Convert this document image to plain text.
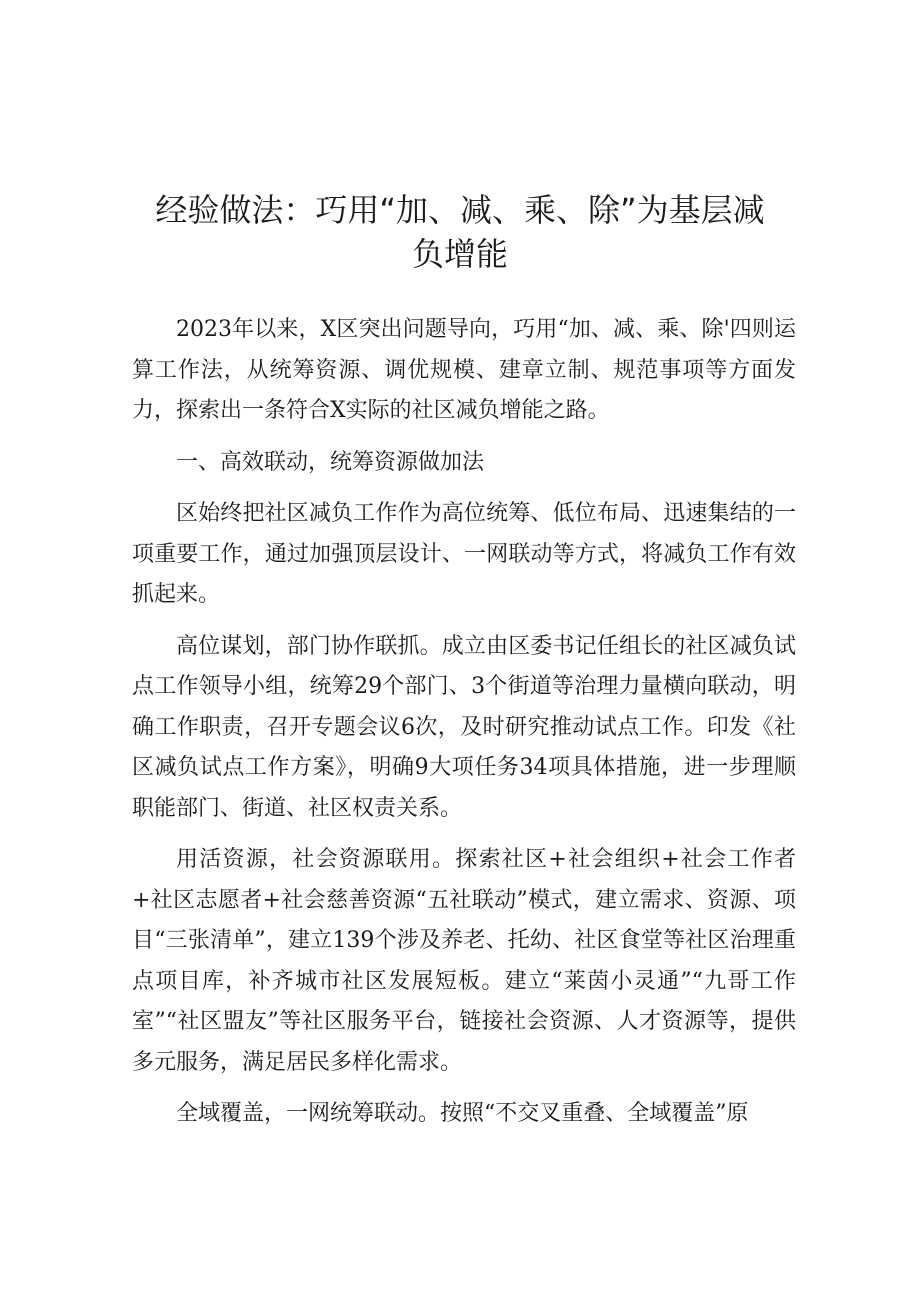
经验做法：巧用“加、减、乘、除”为基层减
负增能

2023年以来，X区突出问题导向，巧用“加、减、乘、除'四则运算工作法，从统筹资源、调优规模、建章立制、规范事项等方面发力，探索出一条符合X实际的社区减负增能之路。

一、高效联动，统筹资源做加法

区始终把社区减负工作作为高位统筹、低位布局、迅速集结的一项重要工作，通过加强顶层设计、一网联动等方式，将减负工作有效抓起来。

高位谋划，部门协作联抓。成立由区委书记任组长的社区减负试点工作领导小组，统筹29个部门、3个街道等治理力量横向联动，明确工作职责，召开专题会议6次，及时研究推动试点工作。印发《社区减负试点工作方案》，明确9大项任务34项具体措施，进一步理顺职能部门、街道、社区权责关系。

用活资源，社会资源联用。探索社区+社会组织+社会工作者+社区志愿者+社会慈善资源“五社联动”模式，建立需求、资源、项目“三张清单”，建立139个涉及养老、托幼、社区食堂等社区治理重点项目库，补齐城市社区发展短板。建立“莱茵小灵通”“九哥工作室”“社区盟友”等社区服务平台，链接社会资源、人才资源等，提供多元服务，满足居民多样化需求。

全域覆盖，一网统筹联动。按照“不交叉重叠、全域覆盖”原
